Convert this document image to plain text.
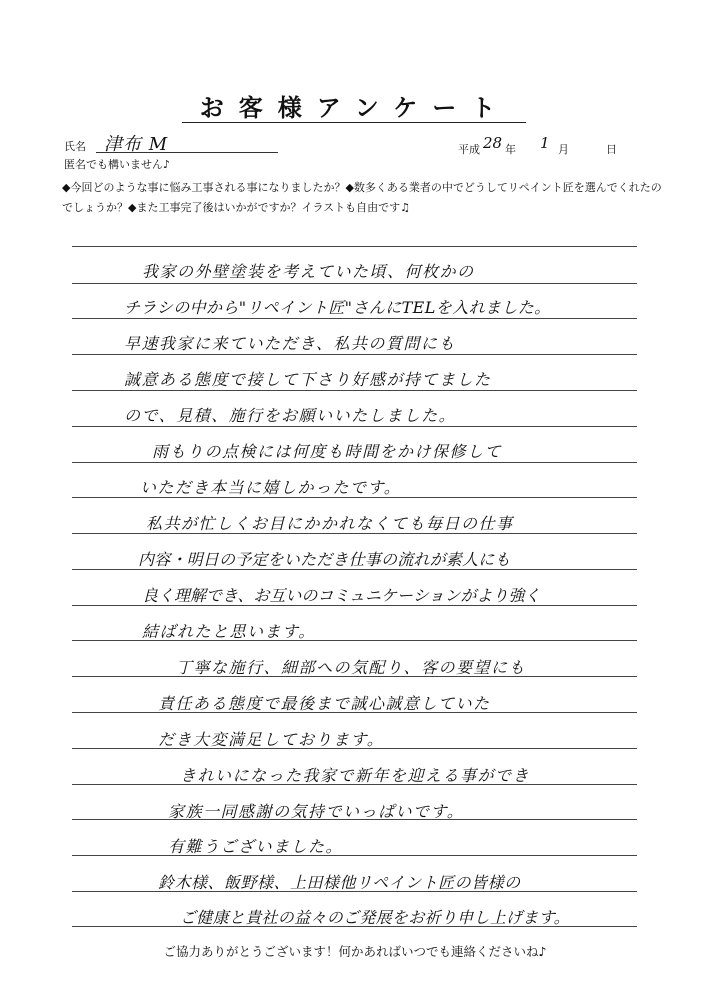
お客様アンケート
氏名 津布 M
匿名でも構いません♪
平成 28 年 1 月	日
◆今回どのような事に悩み工事される事になりましたか？◆数多くある業者の中でどうしてリペイント匠を選んでくれたのでしょうか？◆また工事完了後はいかがですか？イラストも自由です♫
我家の外壁塗装を考えていた頃、何枚かの
チラシの中から"リペイント匠"さんにTELを入れました。
早速我家に来ていただき、私共の質問にも
誠意ある態度で接して下さり好感が持てました
ので、見積、施行をお願いいたしました。
雨もりの点検には何度も時間をかけ保修して
いただき本当に嬉しかったです。
私共が忙しくお目にかかれなくても毎日の仕事
内容・明日の予定をいただき仕事の流れが素人にも
良く理解でき、お互いのコミュニケーションがより強く
結ばれたと思います。
丁寧な施行、細部への気配り、客の要望にも
責任ある態度で最後まで誠心誠意していた
だき大変満足しております。
きれいになった我家で新年を迎える事ができ
家族一同感謝の気持でいっぱいです。
有難うございました。
鈴木様、飯野様、上田様他リペイント匠の皆様の
ご健康と貴社の益々のご発展をお祈り申し上げます。
ご協力ありがとうございます！何かあればいつでも連絡くださいね♪
